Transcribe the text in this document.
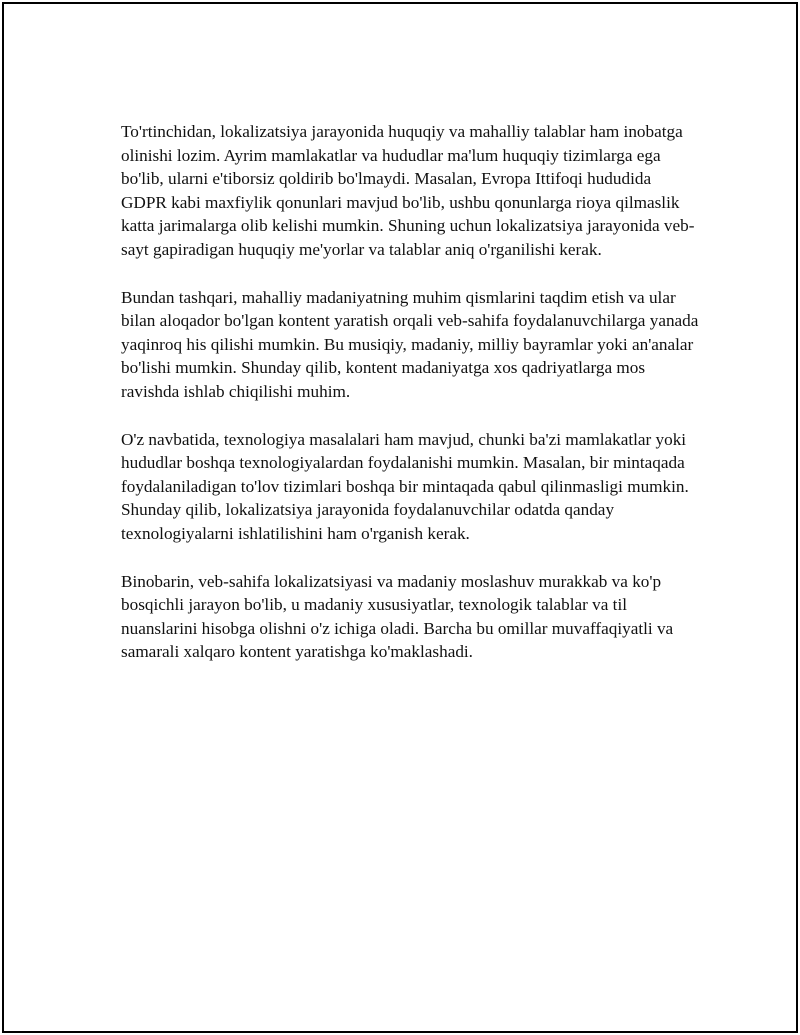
To'rtinchidan, lokalizatsiya jarayonida huquqiy va mahalliy talablar ham inobatga olinishi lozim. Ayrim mamlakatlar va hududlar ma'lum huquqiy tizimlarga ega bo'lib, ularni e'tiborsiz qoldirib bo'lmaydi. Masalan, Evropa Ittifoqi hududida GDPR kabi maxfiylik qonunlari mavjud bo'lib, ushbu qonunlarga rioya qilmaslik katta jarimalarga olib kelishi mumkin. Shuning uchun lokalizatsiya jarayonida veb-sayt gapiradigan huquqiy me'yorlar va talablar aniq o'rganilishi kerak.

Bundan tashqari, mahalliy madaniyatning muhim qismlarini taqdim etish va ular bilan aloqador bo'lgan kontent yaratish orqali veb-sahifa foydalanuvchilarga yanada yaqinroq his qilishi mumkin. Bu musiqiy, madaniy, milliy bayramlar yoki an'analar bo'lishi mumkin. Shunday qilib, kontent madaniyatga xos qadriyatlarga mos ravishda ishlab chiqilishi muhim.

O'z navbatida, texnologiya masalalari ham mavjud, chunki ba'zi mamlakatlar yoki hududlar boshqa texnologiyalardan foydalanishi mumkin. Masalan, bir mintaqada foydalaniladigan to'lov tizimlari boshqa bir mintaqada qabul qilinmasligi mumkin. Shunday qilib, lokalizatsiya jarayonida foydalanuvchilar odatda qanday texnologiyalarni ishlatilishini ham o'rganish kerak.

Binobarin, veb-sahifa lokalizatsiyasi va madaniy moslashuv murakkab va ko'p bosqichli jarayon bo'lib, u madaniy xususiyatlar, texnologik talablar va til nuanslarini hisobga olishni o'z ichiga oladi. Barcha bu omillar muvaffaqiyatli va samarali xalqaro kontent yaratishga ko'maklashadi.
